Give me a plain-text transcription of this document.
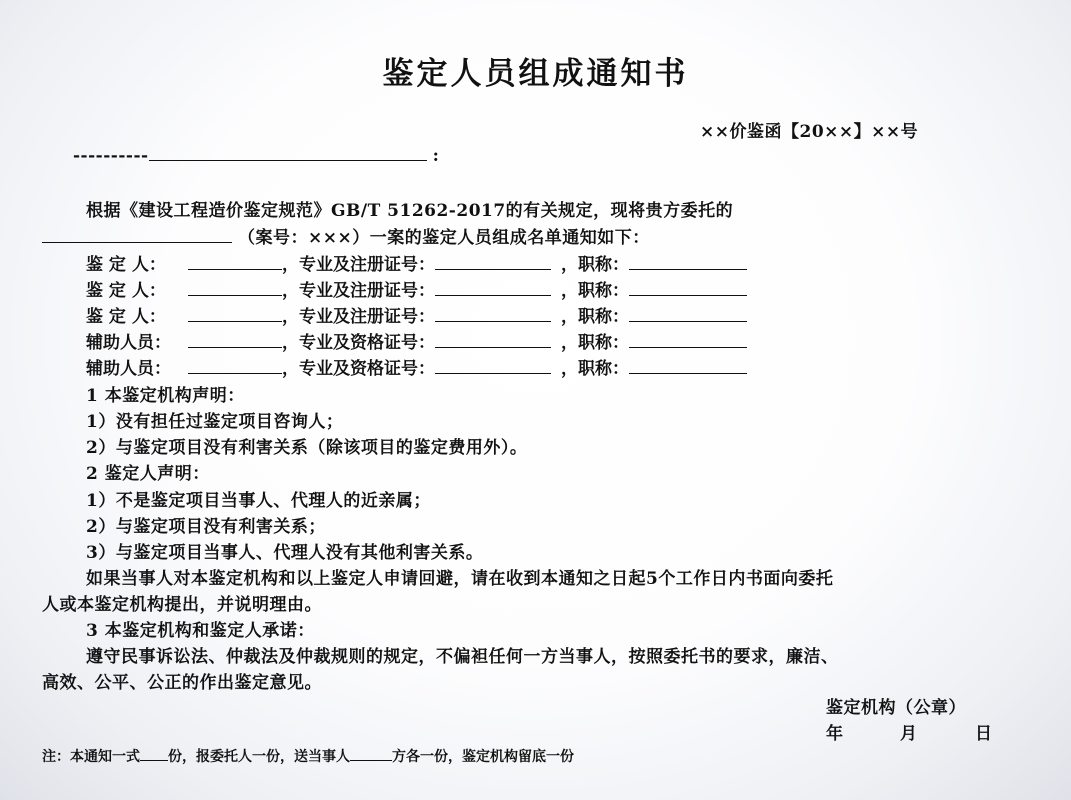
鉴定人员组成通知书
××价鉴函【20××】××号
----------	:
根据《建设工程造价鉴定规范》GB/T 51262-2017的有关规定，现将贵方委托的
（案号：×××）一案的鉴定人员组成名单通知如下：
鉴 定 人：	，专业及注册证号：	，职称：
鉴 定 人：	，专业及注册证号：	，职称：
鉴 定 人：	，专业及注册证号：	，职称：
辅助人员：	，专业及资格证号：	，职称：
辅助人员：	，专业及资格证号：	，职称：
1 本鉴定机构声明：
1）没有担任过鉴定项目咨询人；
2）与鉴定项目没有利害关系（除该项目的鉴定费用外）。
2 鉴定人声明：
1）不是鉴定项目当事人、代理人的近亲属；
2）与鉴定项目没有利害关系；
3）与鉴定项目当事人、代理人没有其他利害关系。
如果当事人对本鉴定机构和以上鉴定人申请回避，请在收到本通知之日起5个工作日内书面向委托
人或本鉴定机构提出，并说明理由。
3 本鉴定机构和鉴定人承诺：
遵守民事诉讼法、仲裁法及仲裁规则的规定，不偏袒任何一方当事人，按照委托书的要求，廉洁、
高效、公平、公正的作出鉴定意见。
鉴定机构（公章）
年	月	日
注：本通知一式 份，报委托人一份，送当事人	方各一份，鉴定机构留底一份
